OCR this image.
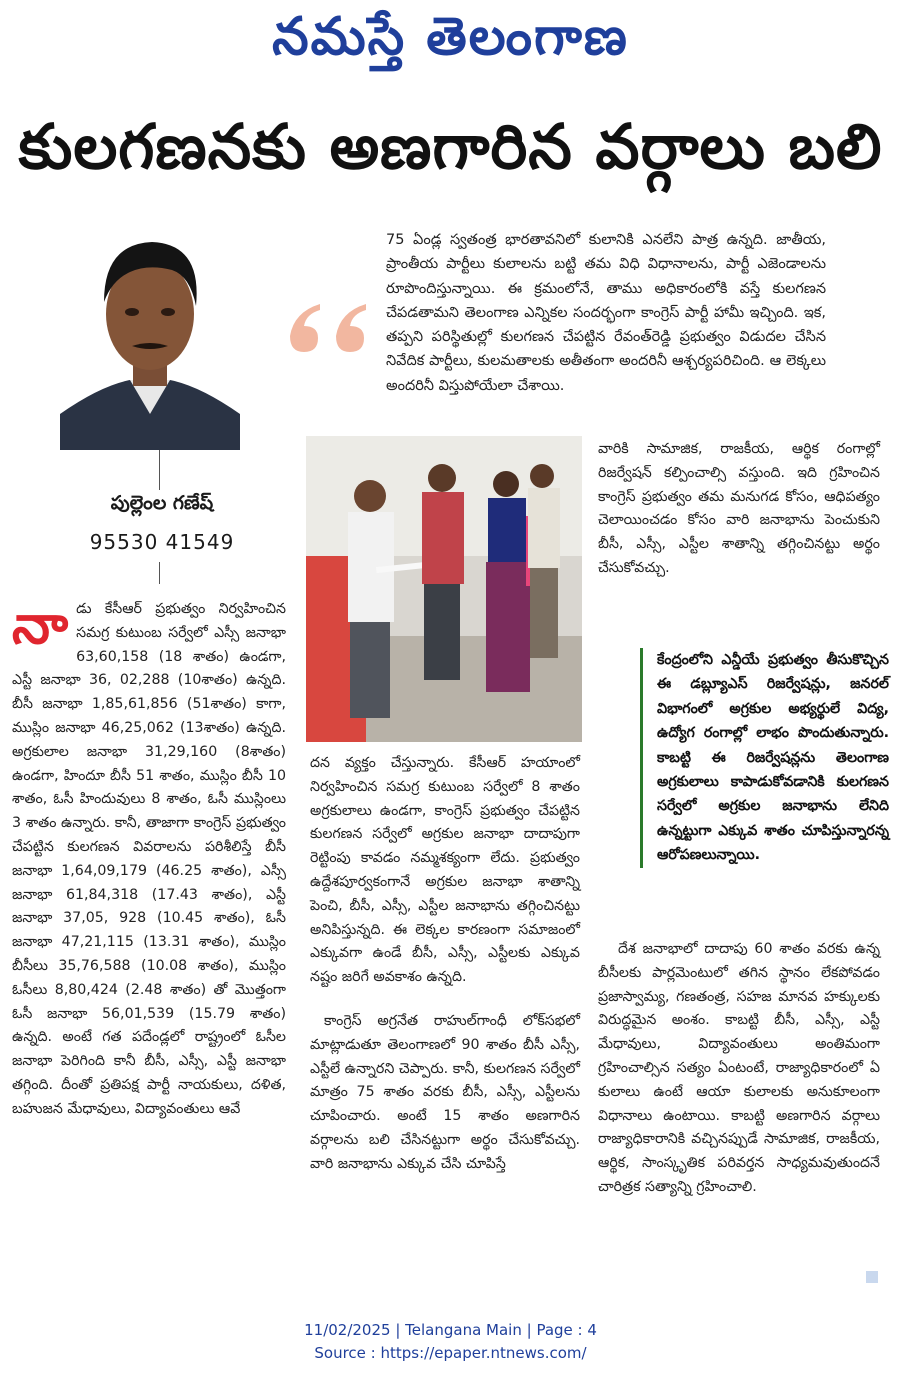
నమస్తే తెలంగాణ
కులగణనకు అణగారిన వర్గాలు బలి
పుల్లెంల గణేష్
95530 41549
75 ఏండ్ల స్వతంత్ర భారతావనిలో కులానికి ఎనలేని పాత్ర ఉన్నది. జాతీయ, ప్రాంతీయ పార్టీలు కులాలను బట్టి తమ విధి విధానాలను, పార్టీ ఎజెండాలను రూపొందిస్తున్నాయి. ఈ క్రమంలోనే, తాము అధికారంలోకి వస్తే కులగణన చేపడతామని తెలంగాణ ఎన్నికల సందర్భంగా కాంగ్రెస్ పార్టీ హామీ ఇచ్చింది. ఇక, తప్పని పరిస్థితుల్లో కులగణన చేపట్టిన రేవంత్‌రెడ్డి ప్రభుత్వం విడుదల చేసిన నివేదిక పార్టీలు, కులమతాలకు అతీతంగా అందరినీ ఆశ్చర్యపరిచింది. ఆ లెక్కలు అందరినీ విస్తుపోయేలా చేశాయి.
నా డు కేసీఆర్ ప్రభుత్వం నిర్వహించిన సమగ్ర కుటుంబ సర్వేలో ఎస్సీ జనాభా 63,60,158 (18 శాతం) ఉండగా, ఎస్టీ జనాభా 36, 02,288 (10శాతం) ఉన్నది. బీసీ జనాభా 1,85,61,856 (51శాతం) కాగా, ముస్లిం జనాభా 46,25,062 (13శాతం) ఉన్నది. అగ్రకులాల జనాభా 31,29,160 (8శాతం) ఉండగా, హిందూ బీసీ 51 శాతం, ముస్లిం బీసీ 10 శాతం, ఓసీ హిందువులు 8 శాతం, ఓసీ ముస్లింలు 3 శాతం ఉన్నారు. కానీ, తాజాగా కాంగ్రెస్ ప్రభుత్వం చేపట్టిన కులగణన వివరాలను పరిశీలిస్తే బీసీ జనాభా 1,64,09,179 (46.25 శాతం), ఎస్సీ జనాభా 61,84,318 (17.43 శాతం), ఎస్టీ జనాభా 37,05, 928 (10.45 శాతం), ఓసీ జనాభా 47,21,115 (13.31 శాతం), ముస్లిం బీసీలు 35,76,588 (10.08 శాతం), ముస్లిం ఓసీలు 8,80,424 (2.48 శాతం) తో మొత్తంగా ఓసీ జనాభా 56,01,539 (15.79 శాతం) ఉన్నది. అంటే గత పదేండ్లలో రాష్ట్రంలో ఓసీల జనాభా పెరిగింది కానీ బీసీ, ఎస్సీ, ఎస్టీ జనాభా తగ్గింది. దీంతో ప్రతిపక్ష పార్టీ నాయకులు, దళిత, బహుజన మేధావులు, విద్యావంతులు ఆవే

దన వ్యక్తం చేస్తున్నారు. కేసీఆర్ హయాంలో నిర్వహించిన సమగ్ర కుటుంబ సర్వేలో 8 శాతం అగ్రకులాలు ఉండగా, కాంగ్రెస్ ప్రభుత్వం చేపట్టిన కులగణన సర్వేలో అగ్రకుల జనాభా దాదాపుగా రెట్టింపు కావడం నమ్మశక్యంగా లేదు. ప్రభుత్వం ఉద్దేశపూర్వకంగానే అగ్రకుల జనాభా శాతాన్ని పెంచి, బీసీ, ఎస్సీ, ఎస్టీల జనాభాను తగ్గించినట్టు అనిపిస్తున్నది. ఈ లెక్కల కారణంగా సమాజంలో ఎక్కువగా ఉండే బీసీ, ఎస్సీ, ఎస్టీలకు ఎక్కువ నష్టం జరిగే అవకాశం ఉన్నది.

కాంగ్రెస్ అగ్రనేత రాహుల్‌గాంధీ లోక్‌సభలో మాట్లాడుతూ తెలంగాణలో 90 శాతం బీసీ ఎస్సీ, ఎస్టీలే ఉన్నారని చెప్పారు. కానీ, కులగణన సర్వేలో మాత్రం 75 శాతం వరకు బీసీ, ఎస్సీ, ఎస్టీలను చూపించారు. అంటే 15 శాతం అణగారిన వర్గాలను బలి చేసినట్టుగా అర్థం చేసుకోవచ్చు. వారి జనాభాను ఎక్కువ చేసి చూపిస్తే

వారికి సామాజిక, రాజకీయ, ఆర్థిక రంగాల్లో రిజర్వేషన్ కల్పించాల్సి వస్తుంది. ఇది గ్రహించిన కాంగ్రెస్ ప్రభుత్వం తమ మనుగడ కోసం, ఆధిపత్యం చెలాయించడం కోసం వారి జనాభాను పెంచుకుని బీసీ, ఎస్సీ, ఎస్టీల శాతాన్ని తగ్గించినట్టు అర్థం చేసుకోవచ్చు.

కేంద్రంలోని ఎన్డీయే ప్రభుత్వం తీసుకొచ్చిన ఈ డబ్ల్యూఎస్ రిజర్వేషన్లు, జనరల్ విభాగంలో అగ్రకుల అభ్యర్థులే విద్య, ఉద్యోగ రంగాల్లో లాభం పొందుతున్నారు. కాబట్టి ఈ రిజర్వేషన్లను తెలంగాణ అగ్రకులాలు కాపాడుకోవడానికి కులగణన సర్వేలో అగ్రకుల జనాభాను లేనిది ఉన్నట్టుగా ఎక్కువ శాతం చూపిస్తున్నారన్న ఆరోపణలున్నాయి.

దేశ జనాభాలో దాదాపు 60 శాతం వరకు ఉన్న బీసీలకు పార్లమెంటులో తగిన స్థానం లేకపోవడం ప్రజాస్వామ్య, గణతంత్ర, సహజ మానవ హక్కులకు విరుద్ధమైన అంశం. కాబట్టి బీసీ, ఎస్సీ, ఎస్టీ మేధావులు, విద్యావంతులు అంతిమంగా గ్రహించాల్సిన సత్యం ఏంటంటే, రాజ్యాధికారంలో ఏ కులాలు ఉంటే ఆయా కులాలకు అనుకూలంగా విధానాలు ఉంటాయి. కాబట్టి అణగారిన వర్గాలు రాజ్యాధికారానికి వచ్చినప్పుడే సామాజిక, రాజకీయ, ఆర్థిక, సాంస్కృతిక పరివర్తన సాధ్యమవుతుందనే చారిత్రక సత్యాన్ని గ్రహించాలి.

11/02/2025 | Telangana Main | Page : 4
Source : https://epaper.ntnews.com/
